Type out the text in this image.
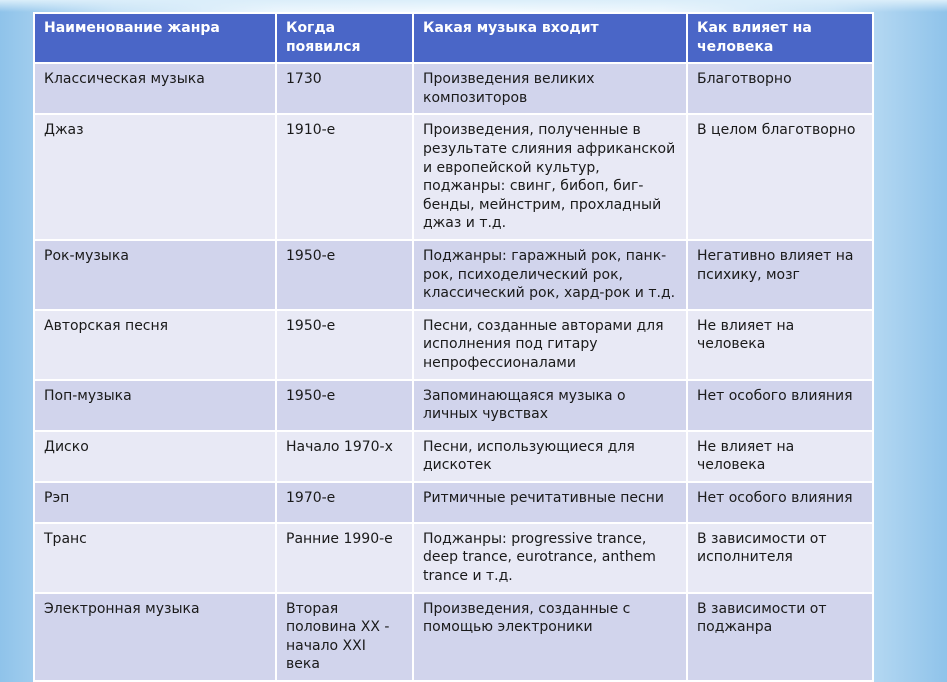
Наименование жанра	Когда появился	Какая музыка входит	Как влияет на человека
Классическая музыка	1730	Произведения великих композиторов	Благотворно
Джаз	1910-е	Произведения, полученные в результате слияния африканской и европейской культур, поджанры: свинг, бибоп, биг-бенды, мейнстрим, прохладный джаз и т.д.	В целом благотворно
Рок-музыка	1950-е	Поджанры: гаражный рок, панк-рок, психоделический рок, классический рок, хард-рок и т.д.	Негативно влияет на психику, мозг
Авторская песня	1950-е	Песни, созданные авторами для исполнения под гитару непрофессионалами	Не влияет на человека
Поп-музыка	1950-е	Запоминающаяся музыка о личных чувствах	Нет особого влияния
Диско	Начало 1970-х	Песни, использующиеся для дискотек	Не влияет на человека
Рэп	1970-е	Ритмичные речитативные песни	Нет особого влияния
Транс	Ранние 1990-е	Поджанры: progressive trance, deep trance, eurotrance, anthem trance и т.д.	В зависимости от исполнителя
Электронная музыка	Вторая половина XX - начало XXI века	Произведения, созданные с помощью электроники	В зависимости от поджанра
